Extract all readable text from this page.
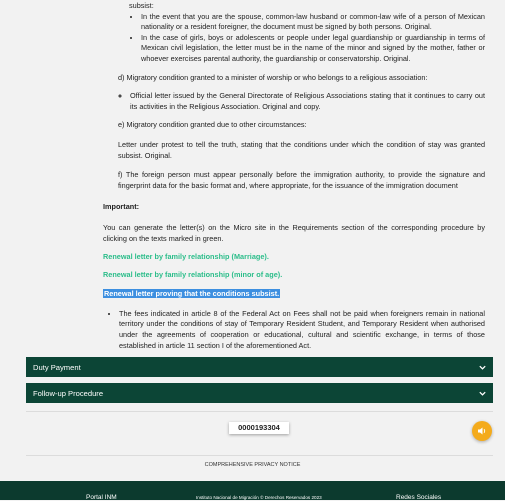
subsist:

• In the event that you are the spouse, common-law husband or common-law wife of a person of Mexican nationality or a resident foreigner, the document must be signed by both persons. Original.
• In the case of girls, boys or adolescents or people under legal guardianship or guardianship in terms of Mexican civil legislation, the letter must be in the name of the minor and signed by the mother, father or whoever exercises parental authority, the guardianship or conservatorship. Original.

d) Migratory condition granted to a minister of worship or who belongs to a religious association:

◦ Official letter issued by the General Directorate of Religious Associations stating that it continues to carry out its activities in the Religious Association. Original and copy.

e) Migratory condition granted due to other circumstances:

Letter under protest to tell the truth, stating that the conditions under which the condition of stay was granted subsist. Original.

f) The foreign person must appear personally before the immigration authority, to provide the signature and fingerprint data for the basic format and, where appropriate, for the issuance of the immigration document

Important:

You can generate the letter(s) on the Micro site in the Requirements section of the corresponding procedure by clicking on the texts marked in green.

Renewal letter by family relationship (Marriage).

Renewal letter by family relationship (minor of age).

Renewal letter proving that the conditions subsist.

• The fees indicated in article 8 of the Federal Act on Fees shall not be paid when foreigners remain in national territory under the conditions of stay of Temporary Resident Student, and Temporary Resident when authorised under the agreements of cooperation or educational, cultural and scientific exchange, in terms of those established in article 11 section I of the aforementioned Act.
Duty Payment
Follow-up Procedure
0000193304
COMPREHENSIVE PRIVACY NOTICE
Portal INM	Instituto Nacional de Migración © Derechos Reservados 2023	Redes Sociales
